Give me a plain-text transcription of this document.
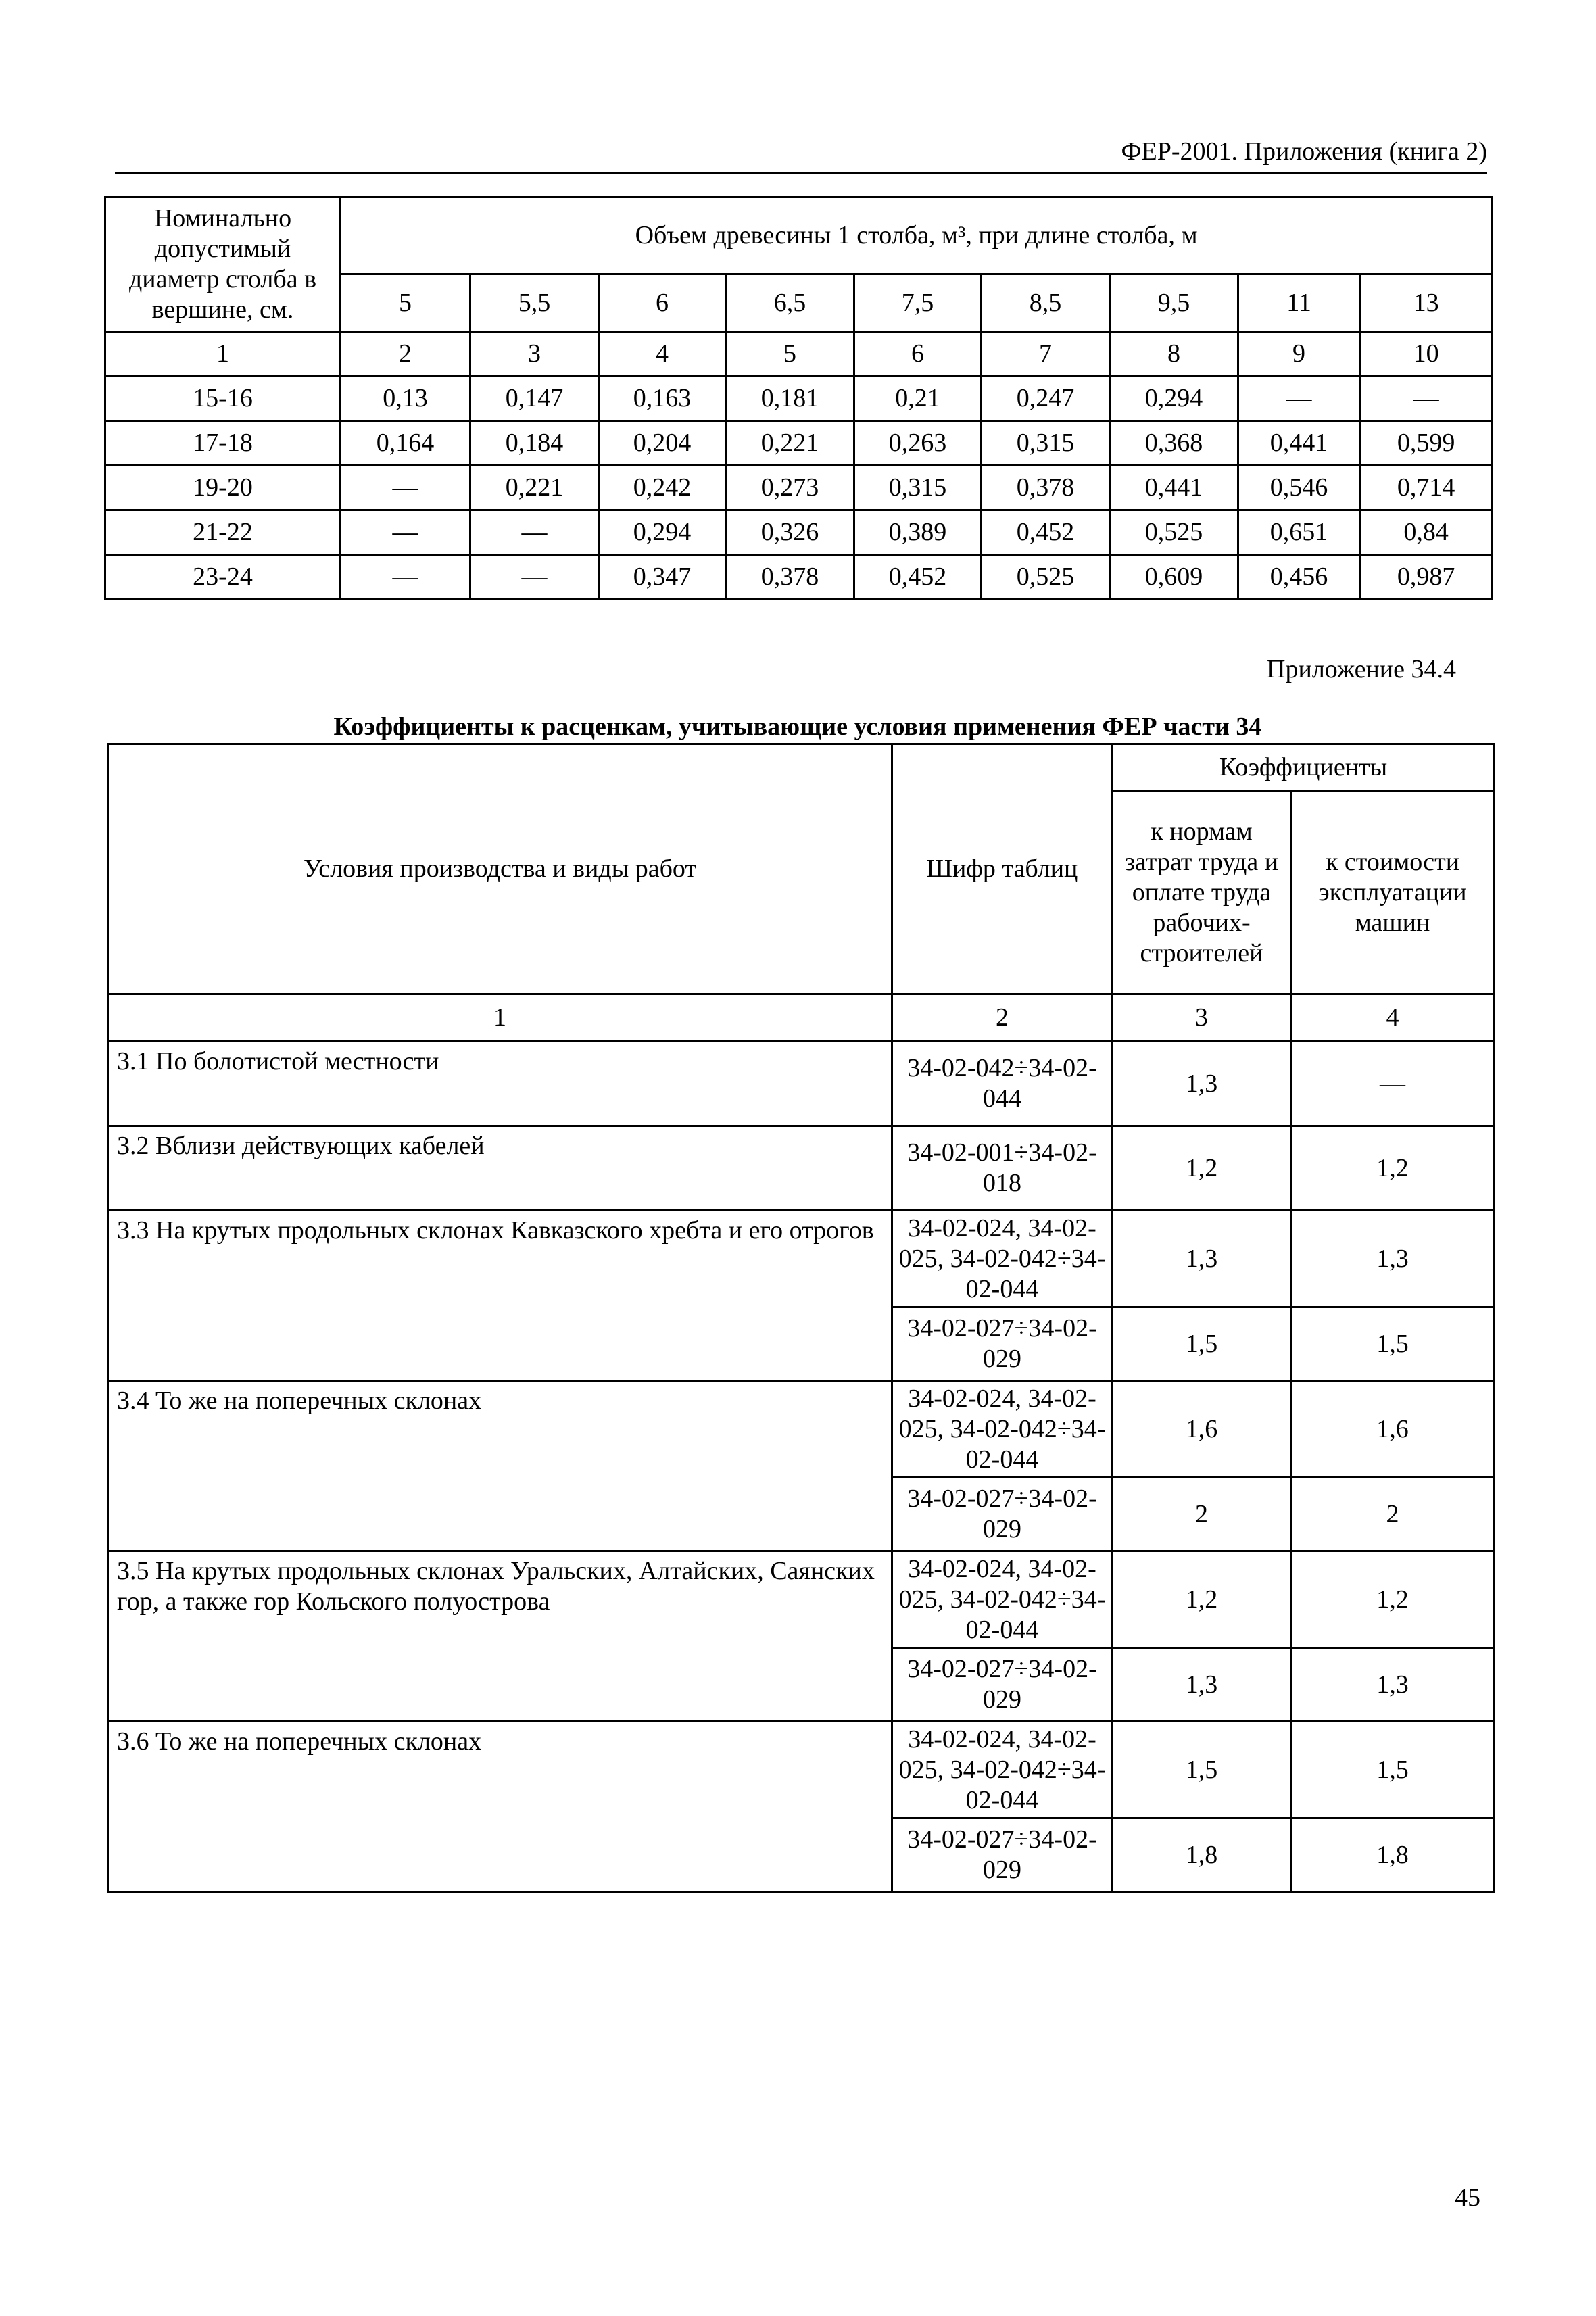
ФЕР-2001. Приложения (книга 2)
Номинально допустимый диаметр столба в вершине, см.	Объем древесины 1 столба, м³, при длине столба, м								
	5	5,5	6	6,5	7,5	8,5	9,5	11	13
1	2	3	4	5	6	7	8	9	10
15-16	0,13	0,147	0,163	0,181	0,21	0,247	0,294	—	—
17-18	0,164	0,184	0,204	0,221	0,263	0,315	0,368	0,441	0,599
19-20	—	0,221	0,242	0,273	0,315	0,378	0,441	0,546	0,714
21-22	—	—	0,294	0,326	0,389	0,452	0,525	0,651	0,84
23-24	—	—	0,347	0,378	0,452	0,525	0,609	0,456	0,987
Приложение 34.4
Коэффициенты к расценкам, учитывающие условия применения ФЕР части 34
Условия производства и виды работ	Шифр таблиц	Коэффициенты	
		к нормам затрат труда и оплате труда рабочих-строителей	к стоимости эксплуатации машин
1	2	3	4
3.1 По болотистой местности	34-02-042÷34-02-044	1,3	—
3.2 Вблизи действующих кабелей	34-02-001÷34-02-018	1,2	1,2
3.3 На крутых продольных склонах Кавказского хребта и его отрогов	34-02-024, 34-02-025, 34-02-042÷34-02-044	1,3	1,3
	34-02-027÷34-02-029	1,5	1,5
3.4 То же на поперечных склонах	34-02-024, 34-02-025, 34-02-042÷34-02-044	1,6	1,6
	34-02-027÷34-02-029	2	2
3.5 На крутых продольных склонах Уральских, Алтайских, Саянских гор, а также гор Кольского полуострова	34-02-024, 34-02-025, 34-02-042÷34-02-044	1,2	1,2
	34-02-027÷34-02-029	1,3	1,3
3.6 То же на поперечных склонах	34-02-024, 34-02-025, 34-02-042÷34-02-044	1,5	1,5
	34-02-027÷34-02-029	1,8	1,8
45
